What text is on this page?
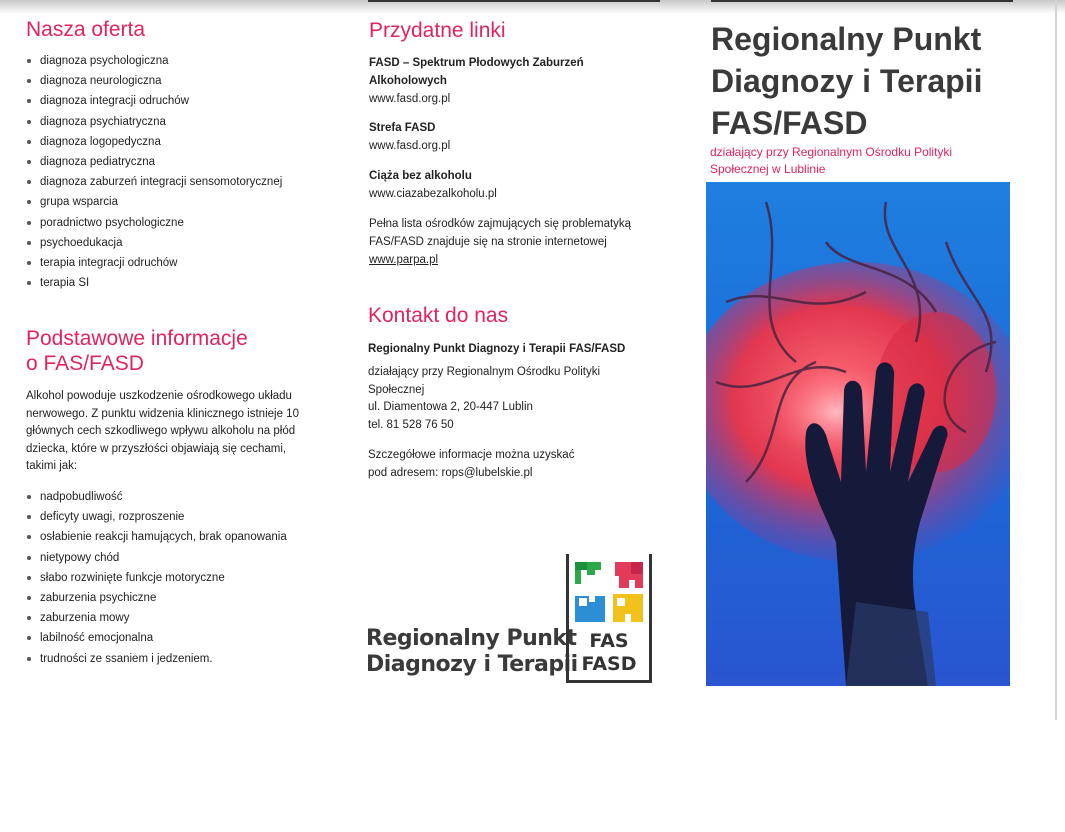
Nasza oferta
diagnoza psychologiczna
diagnoza neurologiczna
diagnoza integracji odruchów
diagnoza psychiatryczna
diagnoza logopedyczna
diagnoza pediatryczna
diagnoza zaburzeń integracji sensomotorycznej
grupa wsparcia
poradnictwo psychologiczne
psychoedukacja
terapia integracji odruchów
terapia SI
Podstawowe informacje
o FAS/FASD

Alkohol powoduje uszkodzenie ośrodkowego układu nerwowego. Z punktu widzenia klinicznego istnieje 10 głównych cech szkodliwego wpływu alkoholu na płód dziecka, które w przyszłości objawiają się cechami, takimi jak:

nadpobudliwość
deficyty uwagi, rozproszenie
osłabienie reakcji hamujących, brak opanowania
nietypowy chód
słabo rozwinięte funkcje motoryczne
zaburzenia psychiczne
zaburzenia mowy
labilność emocjonalna
trudności ze ssaniem i jedzeniem.
Przydatne linki
FASD – Spektrum Płodowych Zaburzeń Alkoholowych
www.fasd.org.pl
Strefa FASD
www.fasd.org.pl
Ciąża bez alkoholu
www.ciazabezalkoholu.pl

Pełna lista ośrodków zajmujących się problematyką FAS/FASD znajduje się na stronie internetowej
www.parpa.pl

Kontakt do nas
Regionalny Punkt Diagnozy i Terapii FAS/FASD

działający przy Regionalnym Ośrodku Polityki
Społecznej
ul. Diamentowa 2, 20-447 Lublin
tel. 81 528 76 50

Szczegółowe informacje można uzyskać
pod adresem: rops@lubelskie.pl

Regionalny Punkt
Diagnozy i Terapii
FAS
FASD
Regionalny Punkt
Diagnozy i Terapii
FAS/FASD
działający przy Regionalnym Ośrodku Polityki
Społecznej w Lublinie
